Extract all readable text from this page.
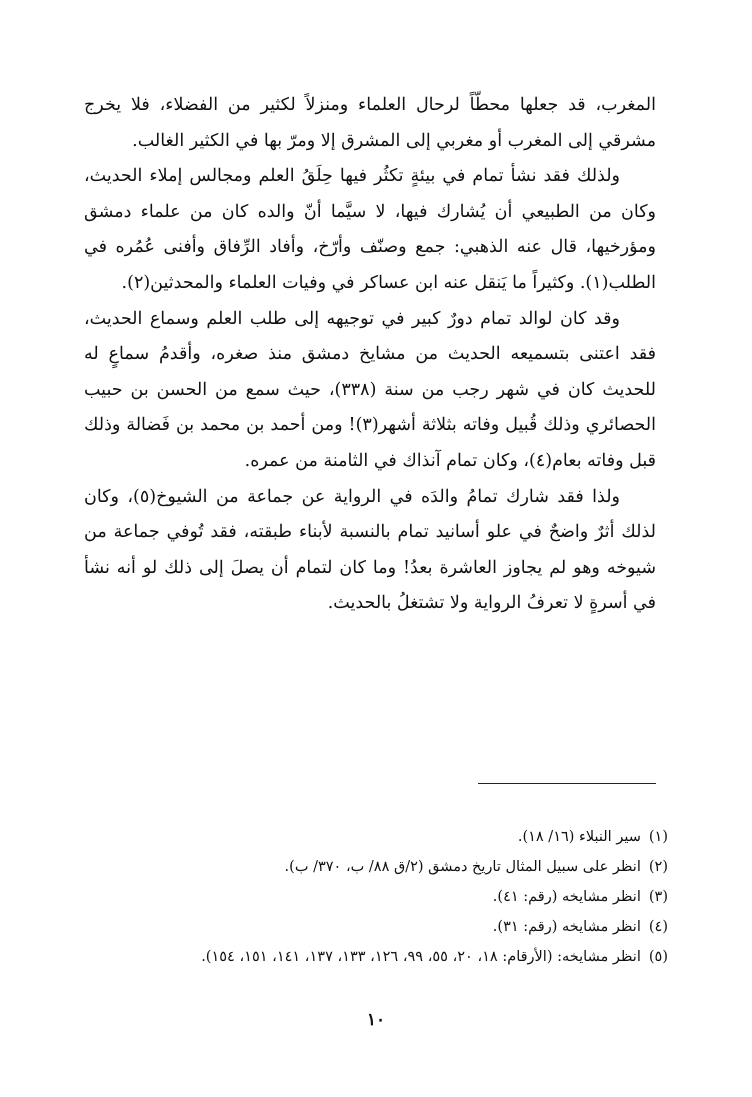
المغرب، قد جعلها محطّاً لرحال العلماء ومنزلاً لكثير من الفضلاء، فلا يخرج مشرقي إلى المغرب أو مغربي إلى المشرق إلا ومرّ بها في الكثير الغالب.

ولذلك فقد نشأ تمام في بيئةٍ تكثُر فيها حِلَقُ العلم ومجالس إملاء الحديث، وكان من الطبيعي أن يُشارك فيها، لا سيَّما أنّ والده كان من علماء دمشق ومؤرخيها، قال عنه الذهبي: جمع وصنّف وأرّخ، وأفاد الرِّفاق وأفنى عُمُره في الطلب(١). وكثيراً ما يَنقل عنه ابن عساكر في وفيات العلماء والمحدثين(٢).

وقد كان لوالد تمام دورٌ كبير في توجيهه إلى طلب العلم وسماع الحديث، فقد اعتنى بتسميعه الحديث من مشايخ دمشق منذ صغره، وأقدمُ سماعٍ له للحديث كان في شهر رجب من سنة (٣٣٨)، حيث سمع من الحسن بن حبيب الحصائري وذلك قُبيل وفاته بثلاثة أشهر(٣)! ومن أحمد بن محمد بن فَضالة وذلك قبل وفاته بعام(٤)، وكان تمام آنذاك في الثامنة من عمره.

ولذا فقد شارك تمامُ والدَه في الرواية عن جماعة من الشيوخ(٥)، وكان لذلك أثرٌ واضحٌ في علو أسانيد تمام بالنسبة لأبناء طبقته، فقد تُوفي جماعة من شيوخه وهو لم يجاوز العاشرة بعدُ! وما كان لتمام أن يصلَ إلى ذلك لو أنه نشأ في أسرةٍ لا تعرفُ الرواية ولا تشتغلُ بالحديث.

(١)
سير النبلاء (١٦/ ١٨).
(٢)
انظر على سبيل المثال تاريخ دمشق (٢/ق ٨٨/ ب، ٣٧٠/ ب).
(٣)
انظر مشايخه (رقم: ٤١).
(٤)
انظر مشايخه (رقم: ٣١).
(٥)
انظر مشايخه: (الأرقام: ١٨، ٢٠، ٥٥، ٩٩، ١٢٦، ١٣٣، ١٣٧، ١٤١، ١٥١، ١٥٤).
١٠
